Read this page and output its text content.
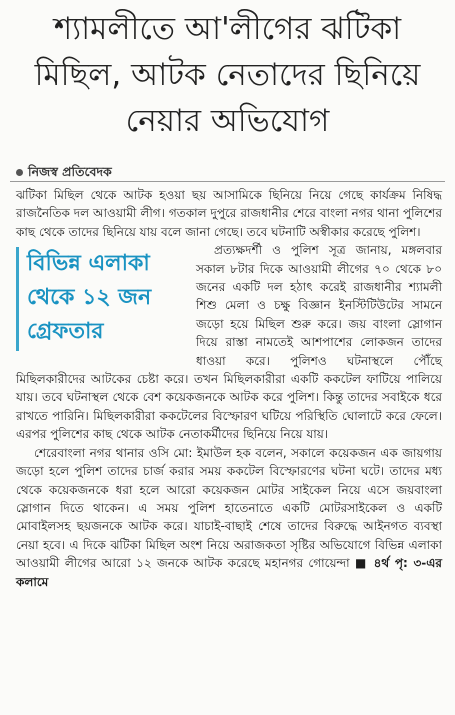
শ্যামলীতে আ'লীগের ঝটিকা
মিছিল, আটক নেতাদের ছিনিয়ে
নেয়ার অভিযোগ
নিজস্ব প্রতিবেদক

ঝটিকা মিছিল থেকে আটক হওয়া ছয় আসামিকে ছিনিয়ে নিয়ে গেছে কার্যক্রম নিষিদ্ধ রাজনৈতিক দল আওয়ামী লীগ। গতকাল দুপুরে রাজধানীর শেরে বাংলা নগর থানা পুলিশের কাছ থেকে তাদের ছিনিয়ে যায় বলে জানা গেছে। তবে ঘটনাটি অস্বীকার করেছে পুলিশ।

বিভিন্ন এলাকা
থেকে ১২ জন
গ্রেফতার

প্রত্যক্ষদর্শী ও পুলিশ সূত্র জানায়, মঙ্গলবার সকাল ৮টার দিকে আওয়ামী লীগের ৭০ থেকে ৮০ জনের একটি দল হঠাৎ করেই রাজধানীর শ্যামলী শিশু মেলা ও চক্ষু বিজ্ঞান ইনস্টিটিউটের সামনে জড়ো হয়ে মিছিল শুরু করে। জয় বাংলা স্লোগান দিয়ে রাস্তা নামতেই আশপাশের লোকজন তাদের ধাওয়া করে। পুলিশও ঘটনাস্থলে পৌঁছে মিছিলকারীদের আটকের চেষ্টা করে। তখন মিছিলকারীরা একটি ককটেল ফাটিয়ে পালিয়ে যায়। তবে ঘটনাস্থল থেকে বেশ কয়েকজনকে আটক করে পুলিশ। কিন্তু তাদের সবাইকে ধরে রাখতে পারিনি। মিছিলকারীরা ককটেলের বিস্ফোরণ ঘটিয়ে পরিস্থিতি ঘোলাটে করে ফেলে। এরপর পুলিশের কাছ থেকে আটক নেতাকর্মীদের ছিনিয়ে নিয়ে যায়।

শেরেবাংলা নগর থানার ওসি মো: ইমাউল হক বলেন, সকালে কয়েকজন এক জায়গায় জড়ো হলে পুলিশ তাদের চার্জ করার সময় ককটেল বিস্ফোরণের ঘটনা ঘটে। তাদের মধ্য থেকে কয়েকজনকে ধরা হলে আরো কয়েকজন মোটর সাইকেল নিয়ে এসে জয়বাংলা স্লোগান দিতে থাকেন। এ সময় পুলিশ হাতেনাতে একটি মোটরসাইকেল ও একটি মোবাইলসহ ছয়জনকে আটক করে। যাচাই-বাছাই শেষে তাদের বিরুদ্ধে আইনগত ব্যবস্থা নেয়া হবে। এ দিকে ঝটিকা মিছিল অংশ নিয়ে অরাজকতা সৃষ্টির অভিযোগে বিভিন্ন এলাকা আওয়ামী লীগের আরো ১২ জনকে আটক করেছে মহানগর গোয়েন্দা ■ ৪র্থ পৃ: ৩-এর কলামে
